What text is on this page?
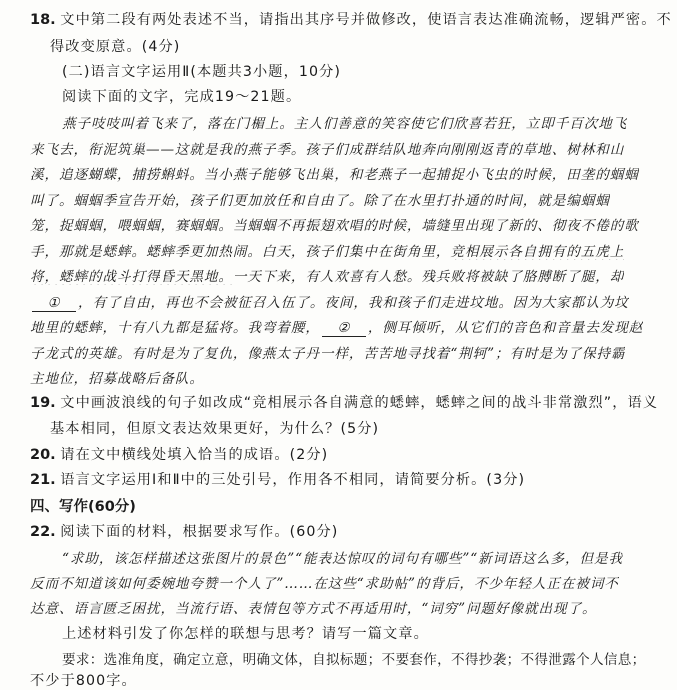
18. 文中第二段有两处表述不当，请指出其序号并做修改，使语言表达准确流畅，逻辑严密。不
得改变原意。(4分)
(二)语言文字运用Ⅱ(本题共3小题，10分)
阅读下面的文字，完成19～21题。
燕子吱吱叫着飞来了，落在门楣上。主人们善意的笑容使它们欣喜若狂，立即千百次地飞
来飞去，衔泥筑巢——这就是我的燕子季。孩子们成群结队地奔向刚刚返青的草地、树林和山
溪，追逐蝴蝶，捕捞蝌蚪。当小燕子能够飞出巢，和老燕子一起捕捉小飞虫的时候，田垄的蝈蝈
叫了。蝈蝈季宣告开始，孩子们更加放任和自由了。除了在水里打扑通的时间，就是编蝈蝈
笼，捉蝈蝈，喂蝈蝈，赛蝈蝈。当蝈蝈不再振翅欢唱的时候，墙缝里出现了新的、彻夜不倦的歌
手，那就是蟋蟀。蟋蟀季更加热闹。白天，孩子们集中在街角里，竞相展示各自拥有的五虎上
将，蟋蟀的战斗打得昏天黑地。一天下来，有人欢喜有人愁。残兵败将被缺了胳膊断了腿，却
① ，有了自由，再也不会被征召入伍了。夜间，我和孩子们走进坟地。因为大家都认为坟
地里的蟋蟀，十有八九都是猛将。我弯着腰， ② ，侧耳倾听，从它们的音色和音量去发现赵
子龙式的英雄。有时是为了复仇，像燕太子丹一样，苦苦地寻找着“荆轲”；有时是为了保持霸
主地位，招募战略后备队。
19. 文中画波浪线的句子如改成“竞相展示各自满意的蟋蟀，蟋蟀之间的战斗非常激烈”，语义
基本相同，但原文表达效果更好，为什么？(5分)
20. 请在文中横线处填入恰当的成语。(2分)
21. 语言文字运用Ⅰ和Ⅱ中的三处引号，作用各不相同，请简要分析。(3分)
四、写作(60分)
22. 阅读下面的材料，根据要求写作。(60分)
“求助，该怎样描述这张图片的景色”“能表达惊叹的词句有哪些”“新词语这么多，但是我
反而不知道该如何委婉地夸赞一个人了”……在这些“求助帖”的背后，不少年轻人正在被词不
达意、语言匮乏困扰，当流行语、表情包等方式不再适用时，“词穷”问题好像就出现了。
上述材料引发了你怎样的联想与思考？请写一篇文章。
要求：选准角度，确定立意，明确文体，自拟标题；不要套作，不得抄袭；不得泄露个人信息；
不少于800字。
